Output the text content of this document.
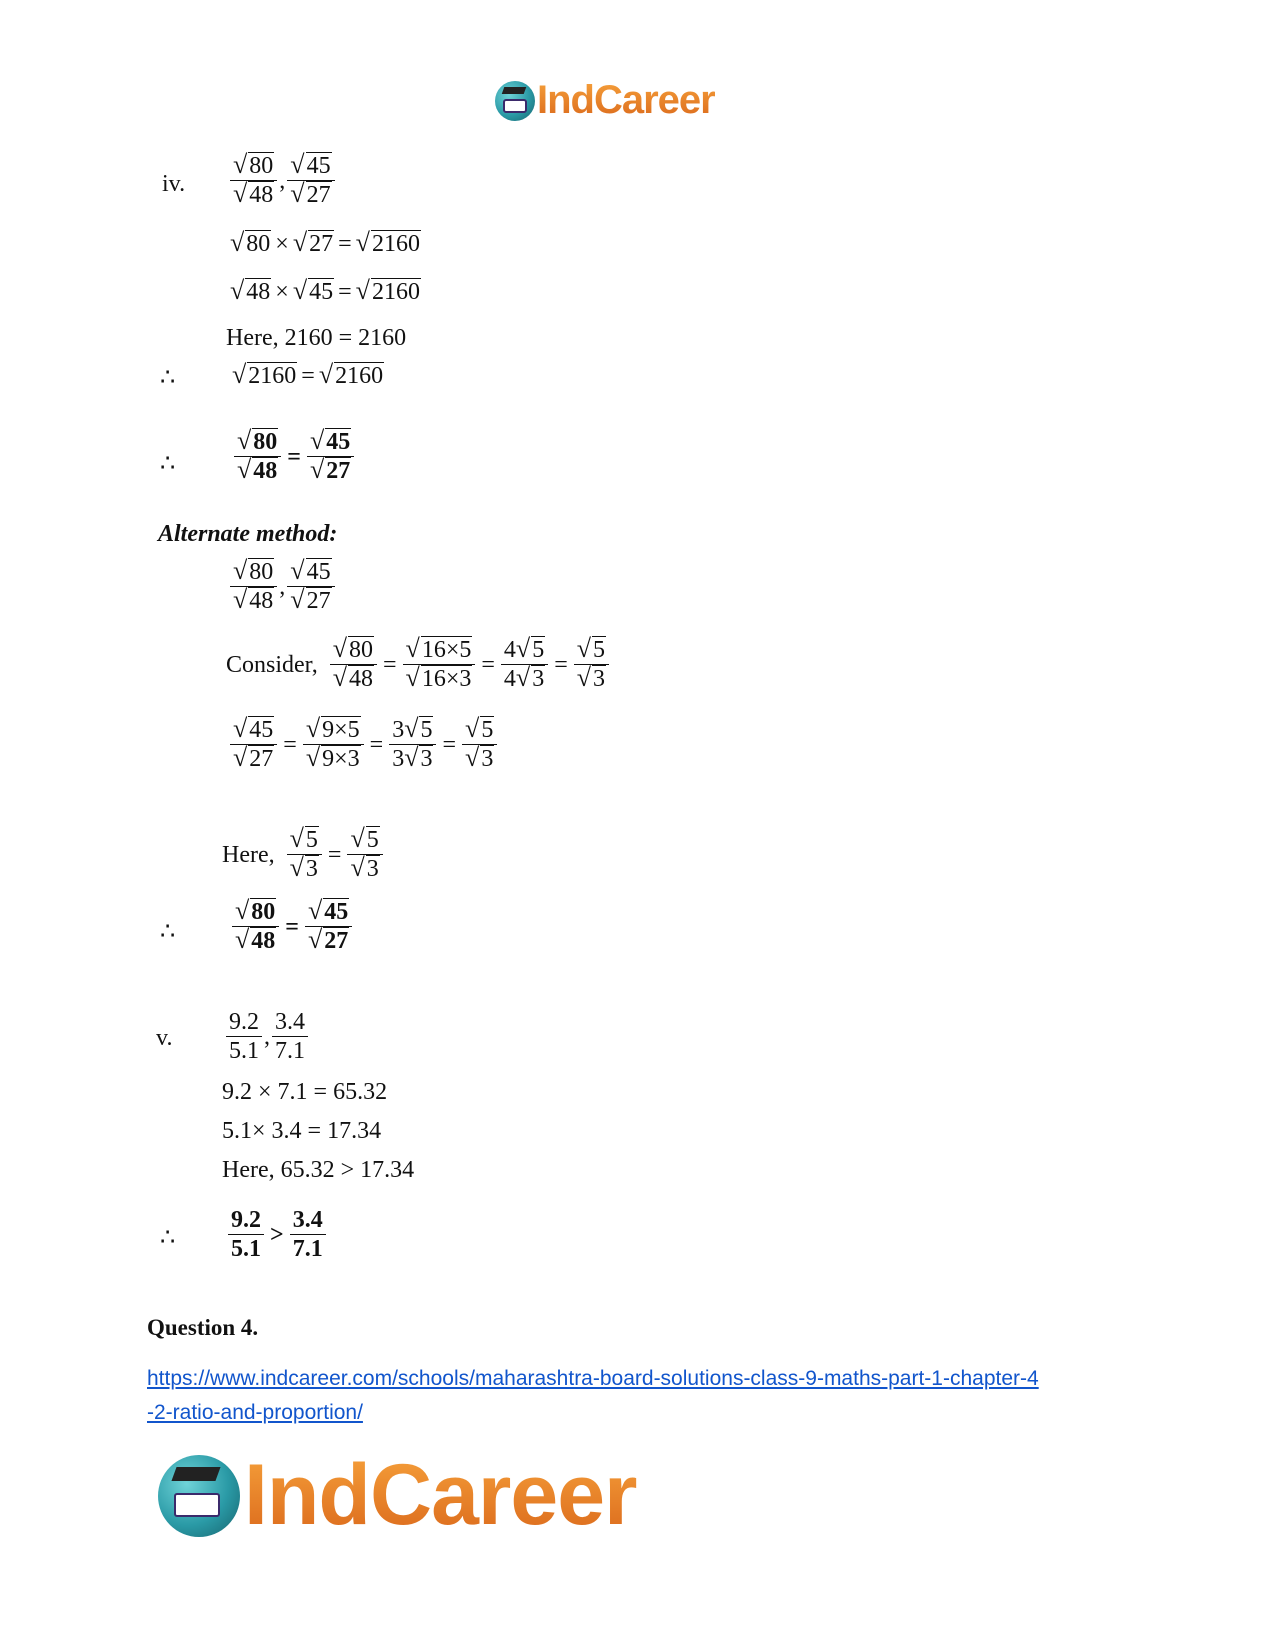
IndCareer
iv. $\frac{√ 80}{√ 48}$ , $\frac{√ 45}{√ 27}$
√ 80 × √ 27 = √ 2160
√ 48 × √ 45 = √ 2160
Here, 2160 = 2160
∴ √ 2160 = √ 2160
∴ $\frac{√ 80}{√ 48} = \frac{√ 45}{√ 27}$
Alternate method:
$\frac{√ 80}{√ 48}$ , $\frac{√ 45}{√ 27}$
Consider, $\frac{√ 80}{√ 48} = \frac{√ 16\times 5}{√ 16\times 3} = \frac{4 √ 5}{4 √ 3} = \frac{√ 5}{√ 3}$
$\frac{√ 45}{√ 27} = \frac{√ 9\times 5}{√ 9\times 3} = \frac{3 √ 5}{3 √ 3} = \frac{√ 5}{√ 3}$
Here, $\frac{√ 5}{√ 3} = \frac{√ 5}{√ 3}$
∴ $\frac{√ 80}{√ 48} = \frac{√ 45}{√ 27}$
v. $\frac{9.2}{5.1}$ , $\frac{3.4}{7.1}$
9.2 × 7.1 = 65.32
5.1× 3.4 = 17.34
Here, 65.32 > 17.34
∴ $\frac{9.2}{5.1} > \frac{3.4}{7.1}$
Question 4.
https://www.indcareer.com/schools/maharashtra-board-solutions-class-9-maths-part-1-chapter-4
-2-ratio-and-proportion/
IndCareer
